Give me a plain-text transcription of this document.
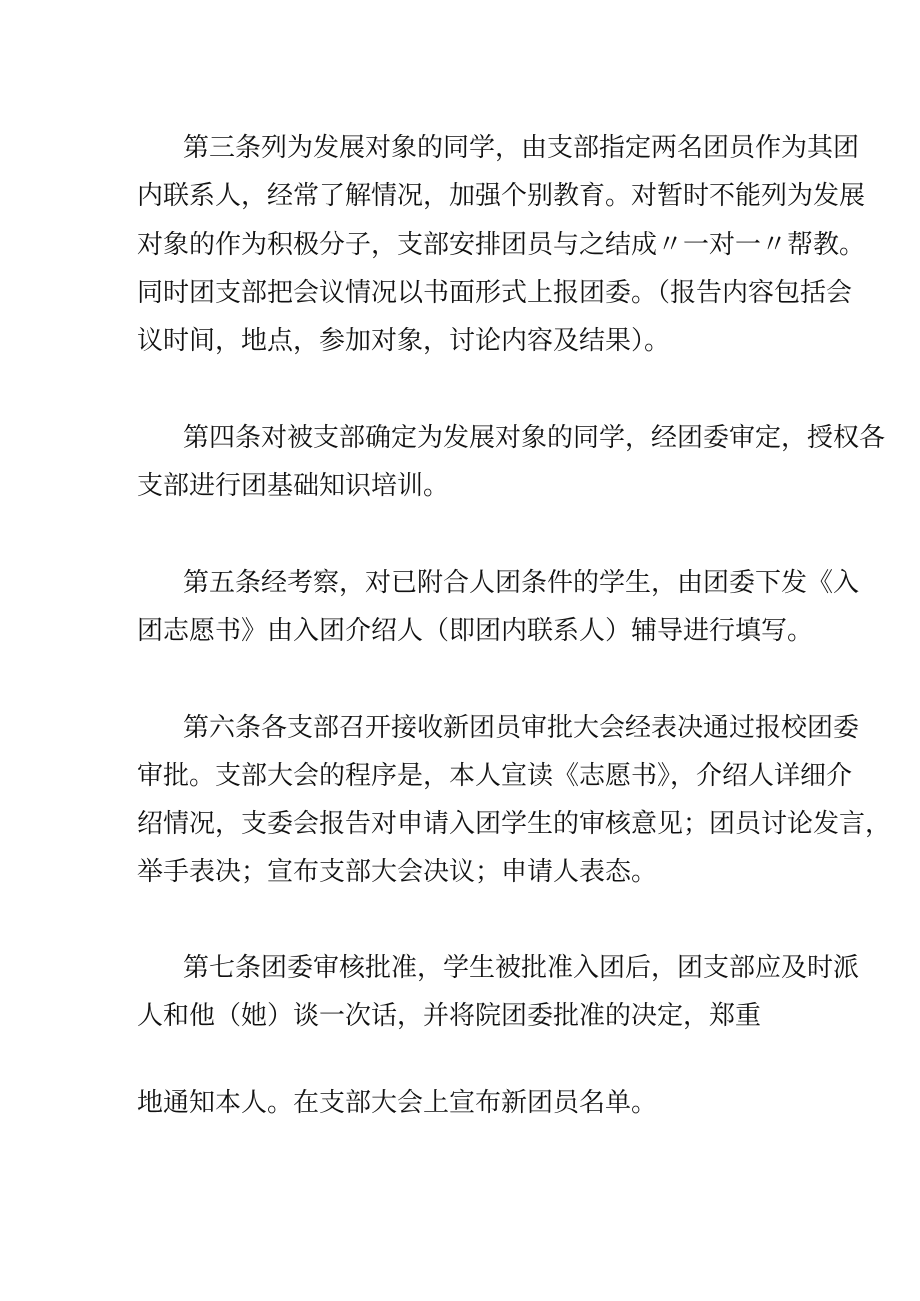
第三条列为发展对象的同学，由支部指定两名团员作为其团
内联系人，经常了解情况，加强个别教育。对暂时不能列为发展
对象的作为积极分子，支部安排团员与之结成〃一对一〃帮教。
同时团支部把会议情况以书面形式上报团委。（报告内容包括会
议时间，地点，参加对象，讨论内容及结果）。
第四条对被支部确定为发展对象的同学，经团委审定，授权各
支部进行团基础知识培训。
第五条经考察，对已附合人团条件的学生，由团委下发《入
团志愿书》由入团介绍人（即团内联系人）辅导进行填写。
第六条各支部召开接收新团员审批大会经表决通过报校团委
审批。支部大会的程序是，本人宣读《志愿书》，介绍人详细介
绍情况，支委会报告对申请入团学生的审核意见；团员讨论发言，
举手表决；宣布支部大会决议；申请人表态。
第七条团委审核批准，学生被批准入团后，团支部应及时派
人和他（她）谈一次话，并将院团委批准的决定，郑重
地通知本人。在支部大会上宣布新团员名单。
